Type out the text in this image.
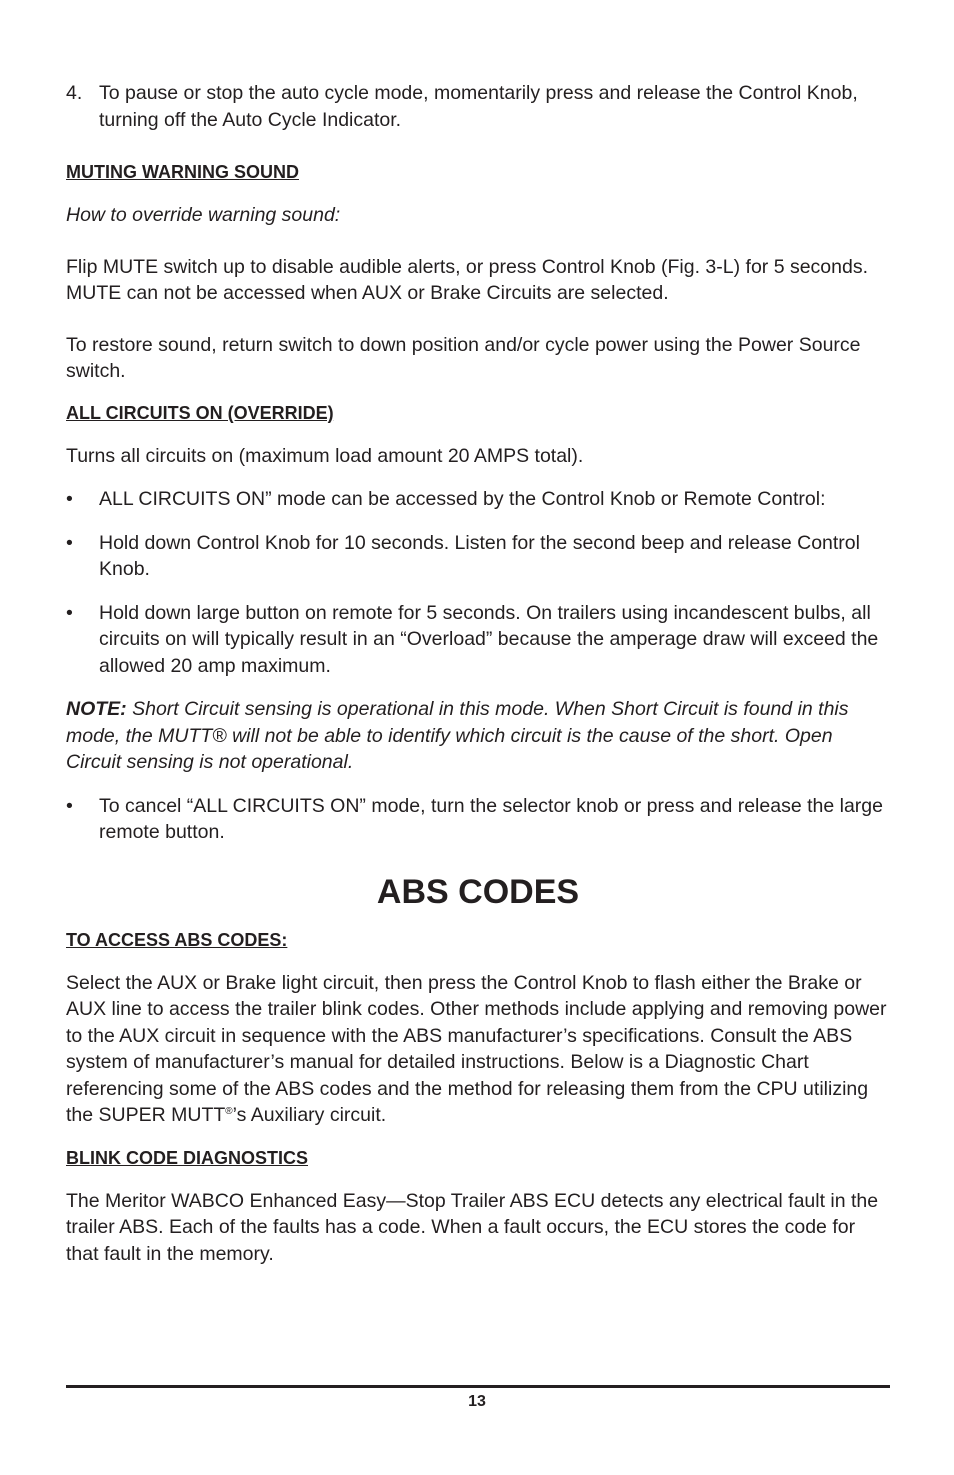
4. To pause or stop the auto cycle mode, momentarily press and release the Control Knob, turning off the Auto Cycle Indicator.

MUTING WARNING SOUND

How to override warning sound:

Flip MUTE switch up to disable audible alerts, or press Control Knob (Fig. 3-L) for 5 seconds. MUTE can not be accessed when AUX or Brake Circuits are selected.

To restore sound, return switch to down position and/or cycle power using the Power Source switch.

ALL CIRCUITS ON (OVERRIDE)

Turns all circuits on (maximum load amount 20 AMPS total).

• ALL CIRCUITS ON” mode can be accessed by the Control Knob or Remote Control:

• Hold down Control Knob for 10 seconds. Listen for the second beep and release Control Knob.

• Hold down large button on remote for 5 seconds. On trailers using incandescent bulbs, all circuits on will typically result in an “Overload” because the amperage draw will exceed the allowed 20 amp maximum.

NOTE: Short Circuit sensing is operational in this mode. When Short Circuit is found in this mode, the MUTT® will not be able to identify which circuit is the cause of the short. Open Circuit sensing is not operational.

• To cancel “ALL CIRCUITS ON” mode, turn the selector knob or press and release the large remote button.

ABS CODES

TO ACCESS ABS CODES:

Select the AUX or Brake light circuit, then press the Control Knob to flash either the Brake or AUX line to access the trailer blink codes. Other methods include applying and removing power to the AUX circuit in sequence with the ABS manufacturer’s specifications. Consult the ABS system of manufacturer’s manual for detailed instructions. Below is a Diagnostic Chart referencing some of the ABS codes and the method for releasing them from the CPU utilizing the SUPER MUTT®’s Auxiliary circuit.

BLINK CODE DIAGNOSTICS

The Meritor WABCO Enhanced Easy—Stop Trailer ABS ECU detects any electrical fault in the trailer ABS. Each of the faults has a code. When a fault occurs, the ECU stores the code for that fault in the memory.

13
